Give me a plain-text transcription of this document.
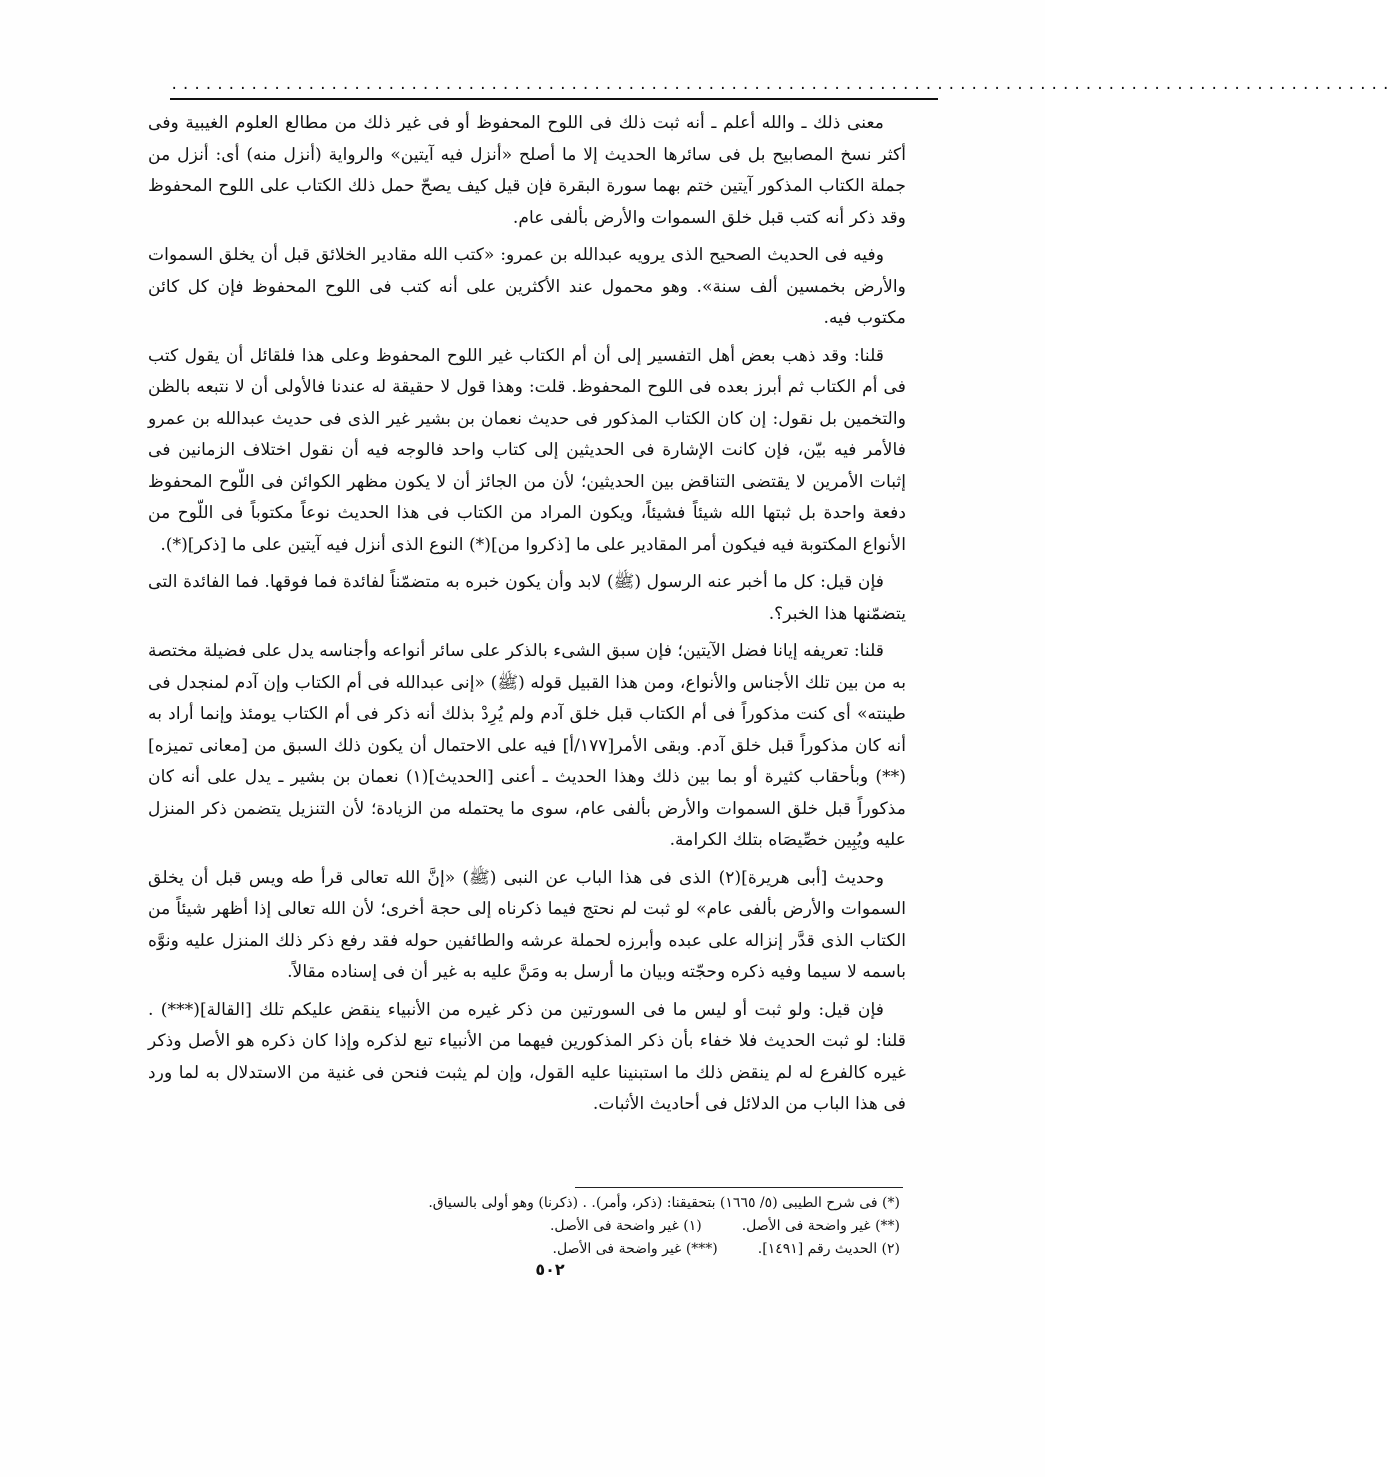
...........................................................................................................

معنى ذلك ـ والله أعلم ـ أنه ثبت ذلك فى اللوح المحفوظ أو فى غير ذلك من مطالع العلوم الغيبية وفى أكثر نسخ المصابيح بل فى سائرها الحديث إلا ما أصلح «أنزل فيه آيتين» والرواية (أنزل منه) أى: أنزل من جملة الكتاب المذكور آيتين ختم بهما سورة البقرة فإن قيل كيف يصحّ حمل ذلك الكتاب على اللوح المحفوظ وقد ذكر أنه كتب قبل خلق السموات والأرض بألفى عام.

وفيه فى الحديث الصحيح الذى يرويه عبدالله بن عمرو: «كتب الله مقادير الخلائق قبل أن يخلق السموات والأرض بخمسين ألف سنة». وهو محمول عند الأكثرين على أنه كتب فى اللوح المحفوظ فإن كل كائن مكتوب فيه.

قلنا: وقد ذهب بعض أهل التفسير إلى أن أم الكتاب غير اللوح المحفوظ وعلى هذا فلقائل أن يقول كتب فى أم الكتاب ثم أبرز بعده فى اللوح المحفوظ. قلت: وهذا قول لا حقيقة له عندنا فالأولى أن لا نتبعه بالظن والتخمين بل نقول: إن كان الكتاب المذكور فى حديث نعمان بن بشير غير الذى فى حديث عبدالله بن عمرو فالأمر فيه بيّن، فإن كانت الإشارة فى الحديثين إلى كتاب واحد فالوجه فيه أن نقول اختلاف الزمانين فى إثبات الأمرين لا يقتضى التناقض بين الحديثين؛ لأن من الجائز أن لا يكون مظهر الكوائن فى اللّوح المحفوظ دفعة واحدة بل ثبتها الله شيئاً فشيئاً، ويكون المراد من الكتاب فى هذا الحديث نوعاً مكتوباً فى اللّوح من الأنواع المكتوبة فيه فيكون أمر المقادير على ما [ذكروا من](*) النوع الذى أنزل فيه آيتين على ما [ذكر](*).

فإن قيل: كل ما أخبر عنه الرسول (ﷺ) لابد وأن يكون خبره به متضمّناً لفائدة فما فوقها. فما الفائدة التى يتضمّنها هذا الخبر؟.

قلنا: تعريفه إيانا فضل الآيتين؛ فإن سبق الشىء بالذكر على سائر أنواعه وأجناسه يدل على فضيلة مختصة به من بين تلك الأجناس والأنواع، ومن هذا القبيل قوله (ﷺ) «إنى عبدالله فى أم الكتاب وإن آدم لمنجدل فى طينته» أى كنت مذكوراً فى أم الكتاب قبل خلق آدم ولم يُرِدْ بذلك أنه ذكر فى أم الكتاب يومئذ وإنما أراد به أنه كان مذكوراً قبل خلق آدم. وبقى الأمر[١٧٧/أ] فيه على الاحتمال أن يكون ذلك السبق من [معانى تميزه](**) وبأحقاب كثيرة أو بما بين ذلك وهذا الحديث ـ أعنى [الحديث](١) نعمان بن بشير ـ يدل على أنه كان مذكوراً قبل خلق السموات والأرض بألفى عام، سوى ما يحتمله من الزيادة؛ لأن التنزيل يتضمن ذكر المنزل عليه ويُبِين خصِّيصَاه بتلك الكرامة.

وحديث [أبى هريرة](٢) الذى فى هذا الباب عن النبى (ﷺ) «إنَّ الله تعالى قرأ طه ويس قبل أن يخلق السموات والأرض بألفى عام» لو ثبت لم نحتج فيما ذكرناه إلى حجة أخرى؛ لأن الله تعالى إذا أظهر شيئاً من الكتاب الذى قدَّر إنزاله على عبده وأبرزه لحملة عرشه والطائفين حوله فقد رفع ذكر ذلك المنزل عليه ونوَّه باسمه لا سيما وفيه ذكره وحجّته وبيان ما أرسل به ومَنَّ عليه به غير أن فى إسناده مقالاً.

فإن قيل: ولو ثبت أو ليس ما فى السورتين من ذكر غيره من الأنبياء ينقض عليكم تلك [القالة](***) . قلنا: لو ثبت الحديث فلا خفاء بأن ذكر المذكورين فيهما من الأنبياء تبع لذكره وإذا كان ذكره هو الأصل وذكر غيره كالفرع له لم ينقض ذلك ما استبنينا عليه القول، وإن لم يثبت فنحن فى غنية من الاستدلال به لما ورد فى هذا الباب من الدلائل فى أحاديث الأثبات.

(*) فى شرح الطيبى (٥/ ١٦٦٥) بتحقيقنا: (ذكر، وأمر). . (ذكرنا) وهو أولى بالسياق.
(**) غير واضحة فى الأصل.
(١) غير واضحة فى الأصل.
(٢) الحديث رقم [١٤٩١].
(***) غير واضحة فى الأصل.
٥٠٢
